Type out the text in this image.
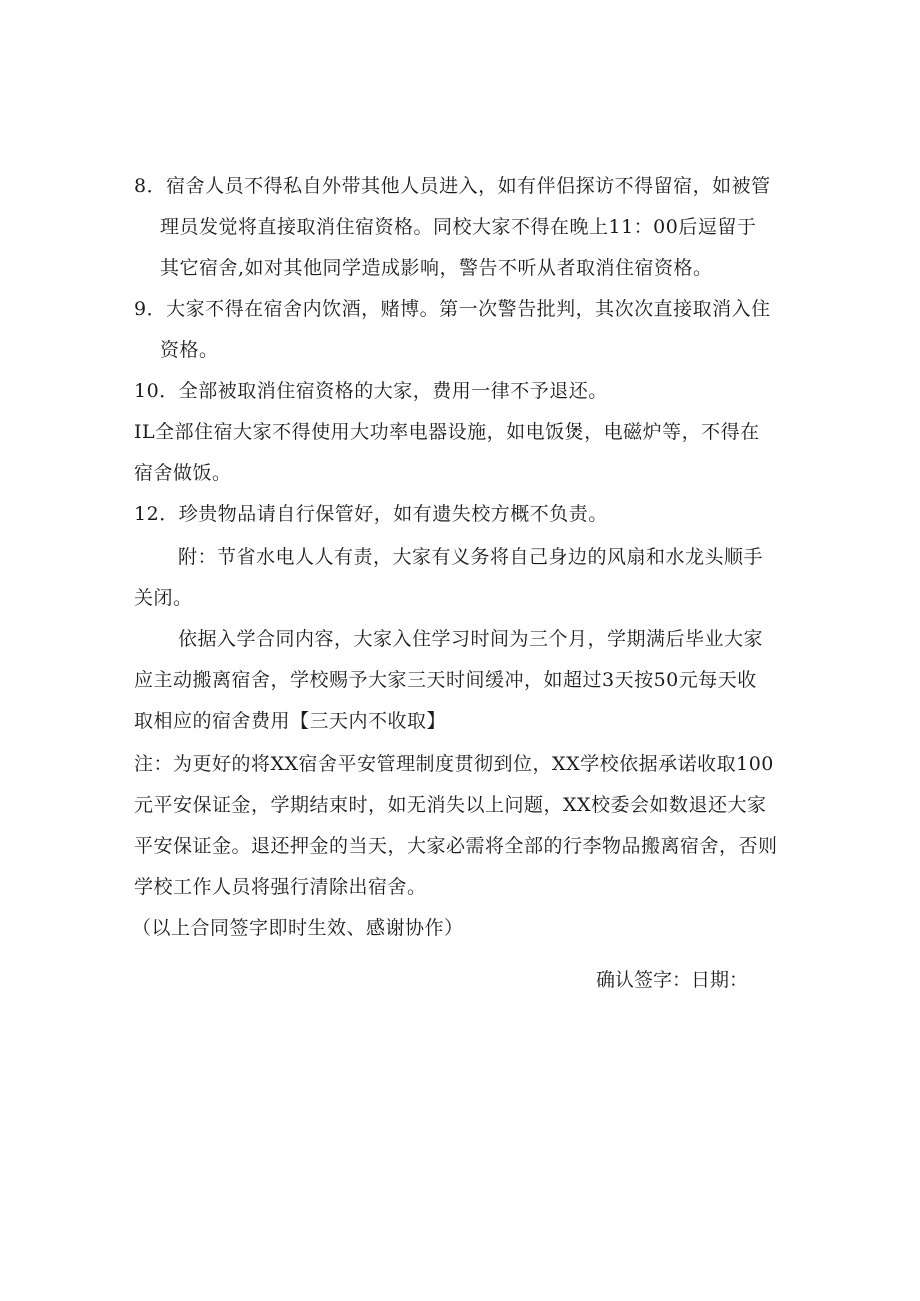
8．宿舍人员不得私自外带其他人员进入，如有伴侣探访不得留宿，如被管
理员发觉将直接取消住宿资格。同校大家不得在晚上11：00后逗留于
其它宿舍,如对其他同学造成影响，警告不听从者取消住宿资格。
9．大家不得在宿舍内饮酒，赌博。第一次警告批判，其次次直接取消入住
资格。
10．全部被取消住宿资格的大家，费用一律不予退还。
IL全部住宿大家不得使用大功率电器设施，如电饭煲，电磁炉等，不得在
宿舍做饭。
12．珍贵物品请自行保管好，如有遗失校方概不负责。
附：节省水电人人有责，大家有义务将自己身边的风扇和水龙头顺手
关闭。
依据入学合同内容，大家入住学习时间为三个月，学期满后毕业大家
应主动搬离宿舍，学校赐予大家三天时间缓冲，如超过3天按50元每天收
取相应的宿舍费用【三天内不收取】
注：为更好的将XX宿舍平安管理制度贯彻到位，XX学校依据承诺收取100
元平安保证金，学期结束时，如无消失以上问题，XX校委会如数退还大家
平安保证金。退还押金的当天，大家必需将全部的行李物品搬离宿舍，否则
学校工作人员将强行清除出宿舍。
（以上合同签字即时生效、感谢协作）
确认签字：日期：
